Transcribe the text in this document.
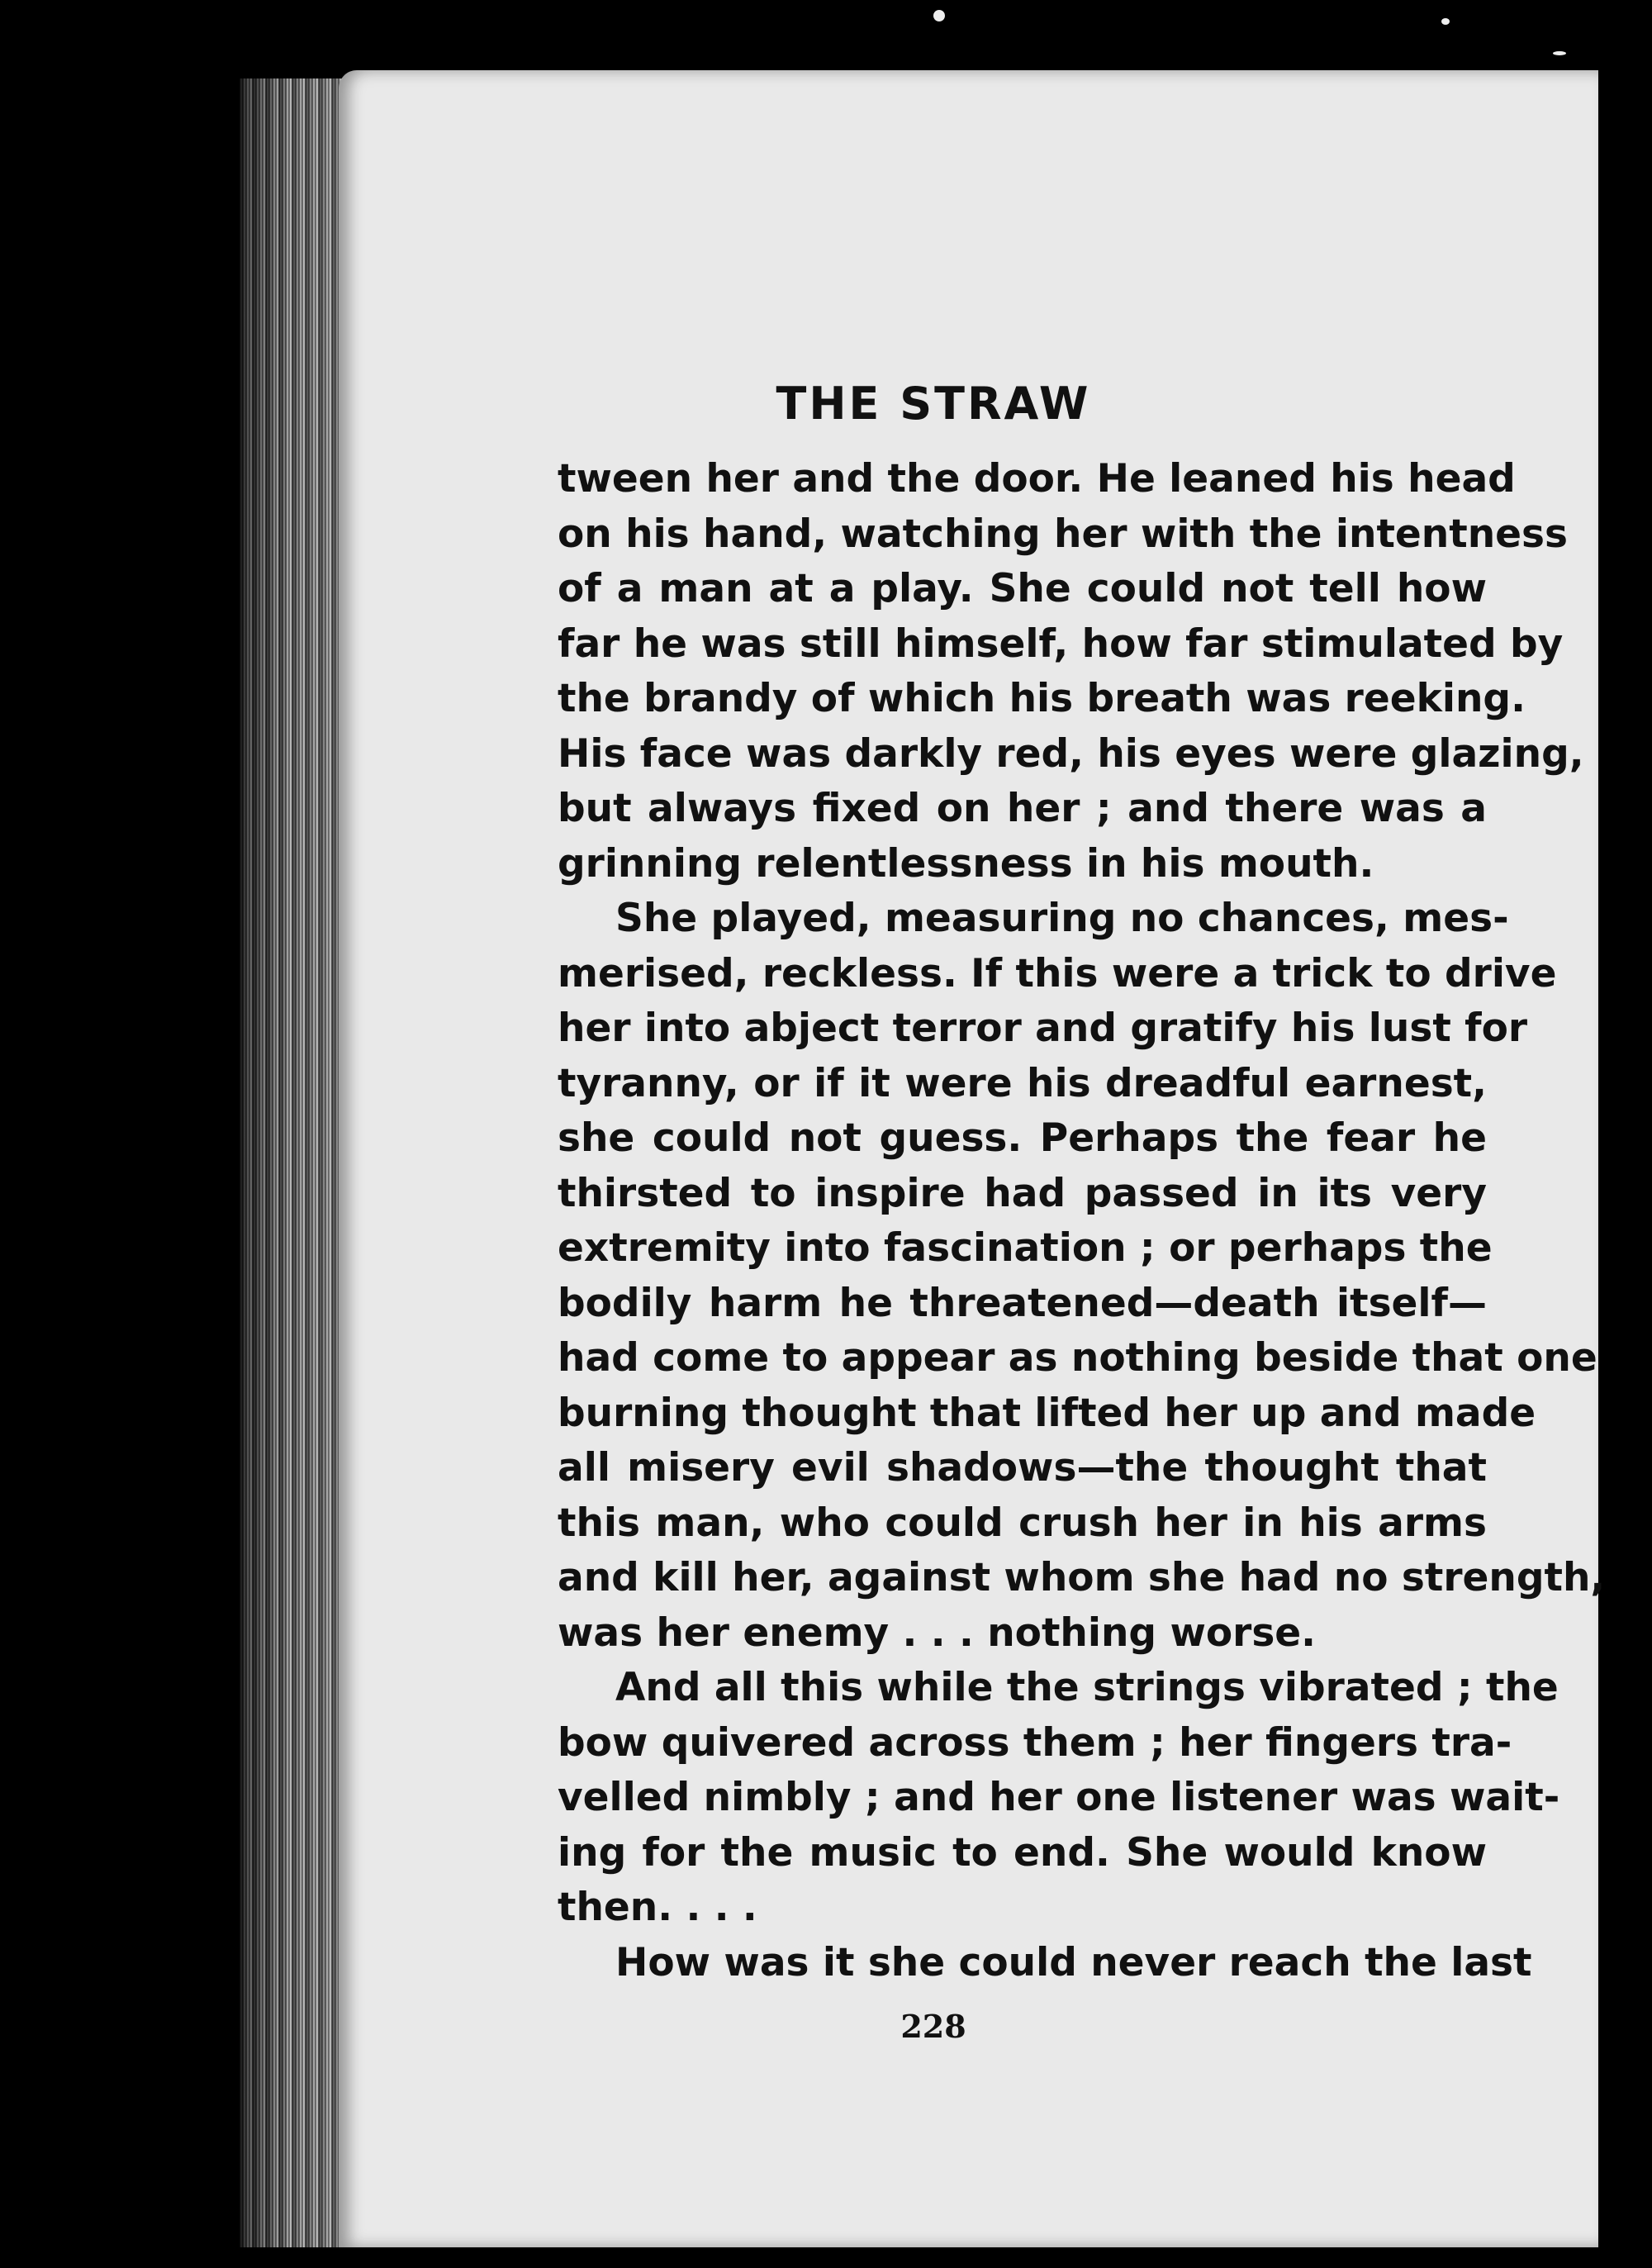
THE STRAW
tween her and the door. He leaned his head
on his hand, watching her with the intentness
of a man at a play. She could not tell how
far he was still himself, how far stimulated by
the brandy of which his breath was reeking.
His face was darkly red, his eyes were glazing,
but always fixed on her ; and there was a
grinning relentlessness in his mouth.
She played, measuring no chances, mes-
merised, reckless. If this were a trick to drive
her into abject terror and gratify his lust for
tyranny, or if it were his dreadful earnest,
she could not guess. Perhaps the fear he
thirsted to inspire had passed in its very
extremity into fascination ; or perhaps the
bodily harm he threatened—death itself—
had come to appear as nothing beside that one
burning thought that lifted her up and made
all misery evil shadows—the thought that
this man, who could crush her in his arms
and kill her, against whom she had no strength,
was her enemy . . . nothing worse.
And all this while the strings vibrated ; the
bow quivered across them ; her fingers tra-
velled nimbly ; and her one listener was wait-
ing for the music to end. She would know
then. . . .
How was it she could never reach the last
228
